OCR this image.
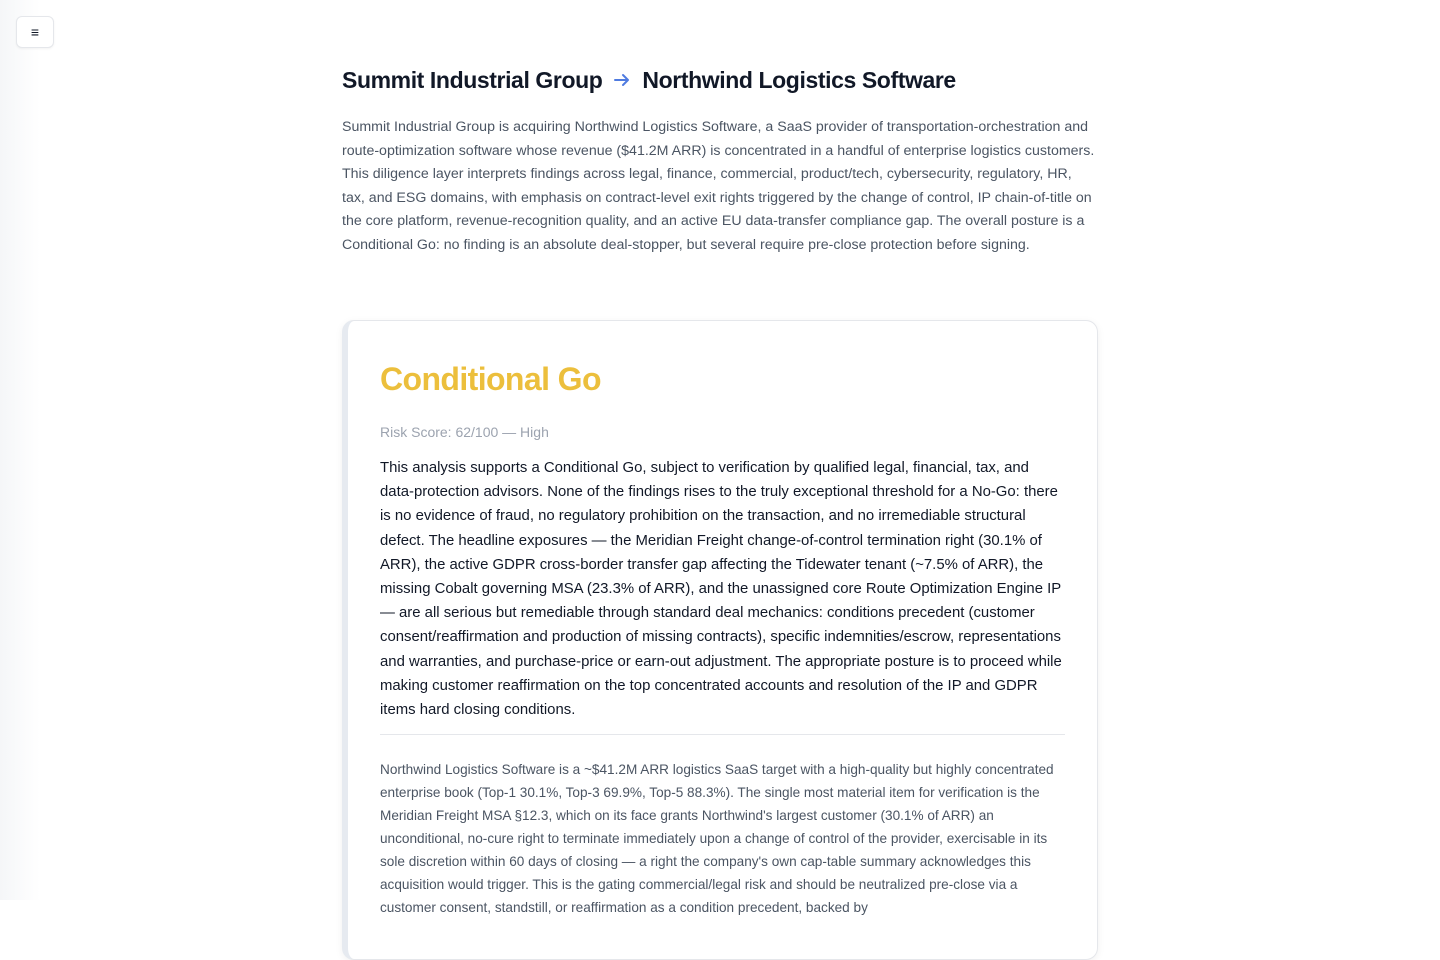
≡
Summit Industrial Group Northwind Logistics Software

Summit Industrial Group is acquiring Northwind Logistics Software, a SaaS provider of transportation-orchestration and route-optimization software whose revenue ($41.2M ARR) is concentrated in a handful of enterprise logistics customers. This diligence layer interprets findings across legal, finance, commercial, product/tech, cybersecurity, regulatory, HR, tax, and ESG domains, with emphasis on contract-level exit rights triggered by the change of control, IP chain-of-title on the core platform, revenue-recognition quality, and an active EU data-transfer compliance gap. The overall posture is a Conditional Go: no finding is an absolute deal-stopper, but several require pre-close protection before signing.

Conditional Go
Risk Score: 62/100 — High
This analysis supports a Conditional Go, subject to verification by qualified legal, financial, tax, and data-protection advisors. None of the findings rises to the truly exceptional threshold for a No-Go: there is no evidence of fraud, no regulatory prohibition on the transaction, and no irremediable structural defect. The headline exposures — the Meridian Freight change-of-control termination right (30.1% of ARR), the active GDPR cross-border transfer gap affecting the Tidewater tenant (~7.5% of ARR), the missing Cobalt governing MSA (23.3% of ARR), and the unassigned core Route Optimization Engine IP — are all serious but remediable through standard deal mechanics: conditions precedent (customer consent/reaffirmation and production of missing contracts), specific indemnities/escrow, representations and warranties, and purchase-price or earn-out adjustment. The appropriate posture is to proceed while making customer reaffirmation on the top concentrated accounts and resolution of the IP and GDPR items hard closing conditions.
Northwind Logistics Software is a ~$41.2M ARR logistics SaaS target with a high-quality but highly concentrated enterprise book (Top-1 30.1%, Top-3 69.9%, Top-5 88.3%). The single most material item for verification is the Meridian Freight MSA §12.3, which on its face grants Northwind's largest customer (30.1% of ARR) an unconditional, no-cure right to terminate immediately upon a change of control of the provider, exercisable in its sole discretion within 60 days of closing — a right the company's own cap-table summary acknowledges this acquisition would trigger. This is the gating commercial/legal risk and should be neutralized pre-close via a customer consent, standstill, or reaffirmation as a condition precedent, backed by
